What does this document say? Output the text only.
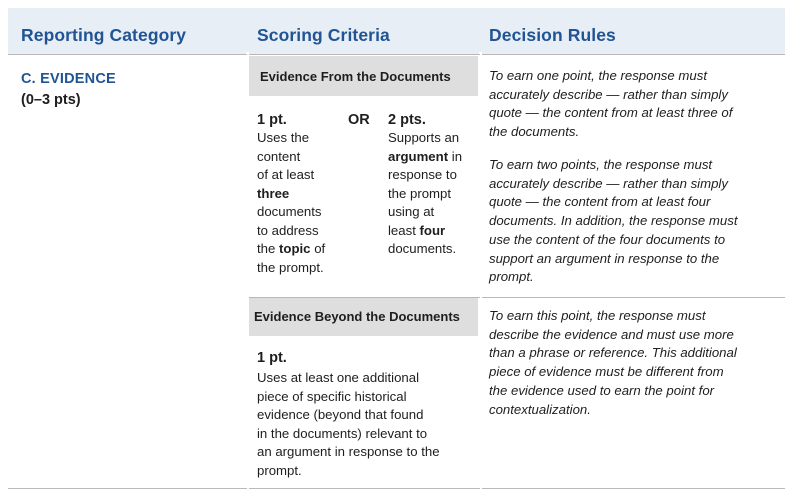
Reporting Category	Scoring Criteria	Decision Rules
C. EVIDENCE
(0–3 pts)
Evidence From the Documents
1 pt.
Uses the
content
of at least
three
documents
to address
the topic of
the prompt.
OR 2 pts.
Supports an
argument in
response to
the prompt
using at
least four
documents.
To earn one point, the response must
accurately describe — rather than simply
quote — the content from at least three of
the documents.
To earn two points, the response must
accurately describe — rather than simply
quote — the content from at least four
documents. In addition, the response must
use the content of the four documents to
support an argument in response to the
prompt.
Evidence Beyond the Documents
1 pt.
Uses at least one additional
piece of specific historical
evidence (beyond that found
in the documents) relevant to
an argument in response to the
prompt.
To earn this point, the response must
describe the evidence and must use more
than a phrase or reference. This additional
piece of evidence must be different from
the evidence used to earn the point for
contextualization.
